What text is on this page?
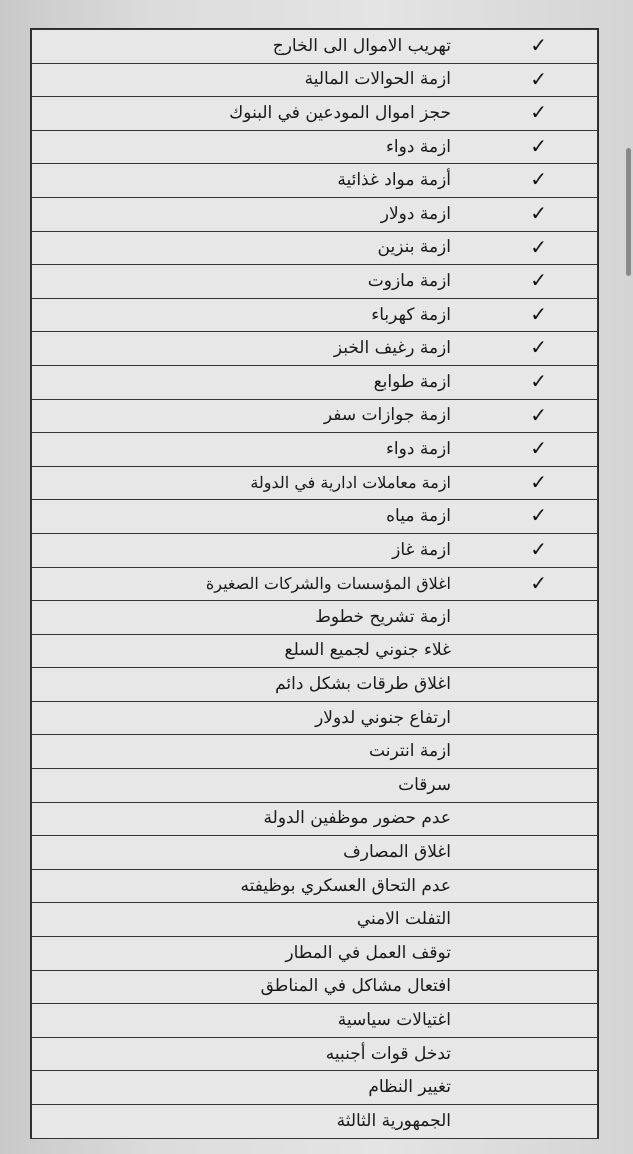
تهريب الاموال الى الخارج	✓

ازمة الحوالات المالية	✓

حجز اموال المودعين في البنوك	✓

ازمة دواء	✓

أزمة مواد غذائية	✓

ازمة دولار	✓

ازمة بنزين	✓

ازمة مازوت	✓

ازمة كهرباء	✓

ازمة رغيف الخبز	✓

ازمة طوابع	✓

ازمة جوازات سفر	✓

ازمة دواء	✓

ازمة معاملات ادارية في الدولة	✓

ازمة مياه	✓

ازمة غاز	✓

اغلاق المؤسسات والشركات الصغيرة	✓

ازمة تشريح خطوط	

غلاء جنوني لجميع السلع	

اغلاق طرقات بشكل دائم	

ارتفاع جنوني لدولار	

ازمة انترنت	

سرقات	

عدم حضور موظفين الدولة	

اغلاق المصارف	

عدم التحاق العسكري بوظيفته	

التفلت الامني	

توقف العمل في المطار	

افتعال مشاكل في المناطق	

اغتيالات سياسية	

تدخل قوات أجنبيه	

تغيير النظام	

الجمهورية الثالثة	
